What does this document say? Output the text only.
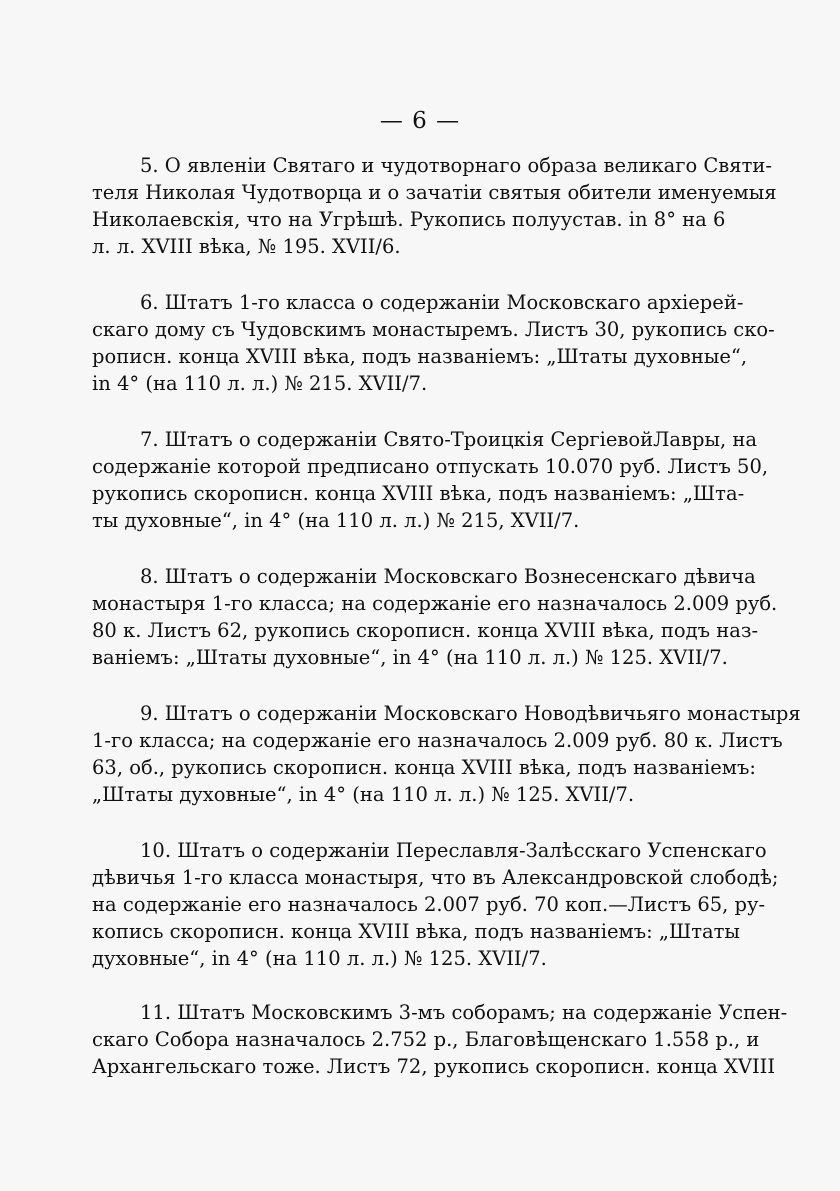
— 6 —
5. О явленіи Святаго и чудотворнаго образа великаго Святи-
теля Николая Чудотворца и о зачатіи святыя обители именуемыя
Николаевскія, что на Угрѣшѣ. Рукопись полуустав. in 8° на 6
л. л. XVIII вѣка, № 195. XVII/6.
6. Штатъ 1-го класса о содержаніи Московскаго архіерей-
скаго дому съ Чудовскимъ монастыремъ. Листъ 30, рукопись ско-
рописн. конца XVIII вѣка, подъ названіемъ: „Штаты духовные“,
in 4° (на 110 л. л.) № 215. XVII/7.
7. Штатъ о содержаніи Свято-Троицкія СергіевойЛавры, на
содержаніе которой предписано отпускать 10.070 руб. Листъ 50,
рукопись скорописн. конца XVIII вѣка, подъ названіемъ: „Шта-
ты духовные“, in 4° (на 110 л. л.) № 215, XVII/7.
8. Штатъ о содержаніи Московскаго Вознесенскаго дѣвича
монастыря 1-го класса; на содержаніе его назначалось 2.009 руб.
80 к. Листъ 62, рукопись скорописн. конца XVIII вѣка, подъ наз-
ваніемъ: „Штаты духовные“, in 4° (на 110 л. л.) № 125. XVII/7.
9. Штатъ о содержаніи Московскаго Новодѣвичьяго монастыря
1-го класса; на содержаніе его назначалось 2.009 руб. 80 к. Листъ
63, об., рукопись скорописн. конца XVIII вѣка, подъ названіемъ:
„Штаты духовные“, in 4° (на 110 л. л.) № 125. XVII/7.
10. Штатъ о содержаніи Переславля-Залѣсскаго Успенскаго
дѣвичья 1-го класса монастыря, что въ Александровской слободѣ;
на содержаніе его назначалось 2.007 руб. 70 коп.—Листъ 65, ру-
копись скорописн. конца XVIII вѣка, подъ названіемъ: „Штаты
духовные“, in 4° (на 110 л. л.) № 125. XVII/7.
11. Штатъ Московскимъ 3-мъ соборамъ; на содержаніе Успен-
скаго Собора назначалось 2.752 р., Благовѣщенскаго 1.558 р., и
Архангельскаго тоже. Листъ 72, рукопись скорописн. конца XVIII
